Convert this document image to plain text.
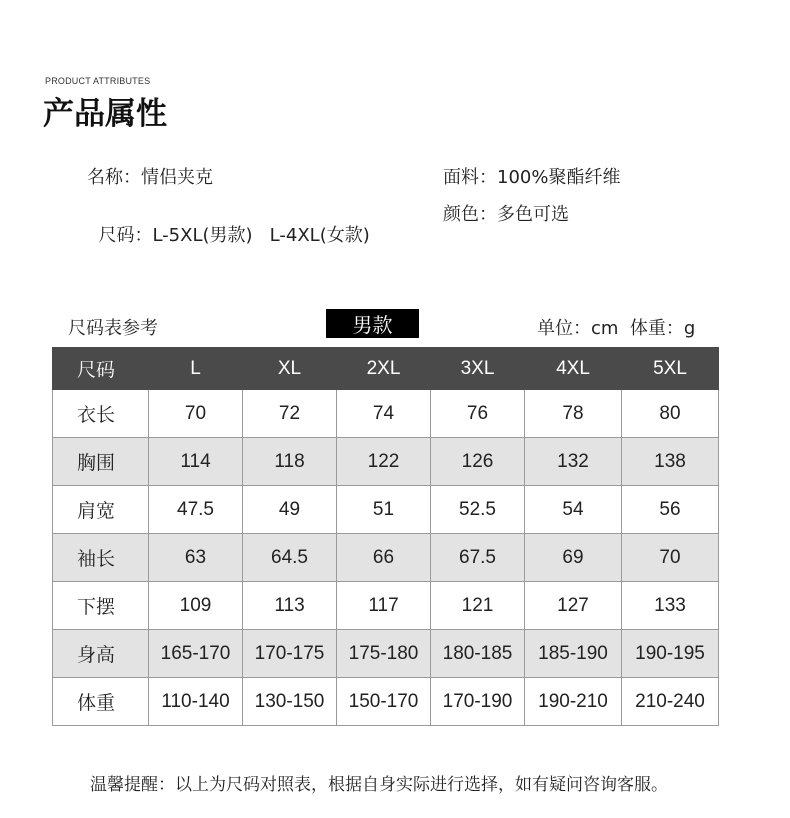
PRODUCT ATTRIBUTES
产品属性
名称：情侣夹克	面料：100%聚酯纤维

尺码：L-5XL(男款)   L-4XL(女款)

颜色：多色可选
尺码表参考	男款	单位：cm  体重：g
尺码	L	XL	2XL	3XL	4XL	5XL
衣长	70	72	74	76	78	80
胸围	114	118	122	126	132	138
肩宽	47.5	49	51	52.5	54	56
袖长	63	64.5	66	67.5	69	70
下摆	109	113	117	121	127	133
身高	165-170	170-175	175-180	180-185	185-190	190-195
体重	110-140	130-150	150-170	170-190	190-210	210-240
温馨提醒：以上为尺码对照表，根据自身实际进行选择，如有疑问咨询客服。
